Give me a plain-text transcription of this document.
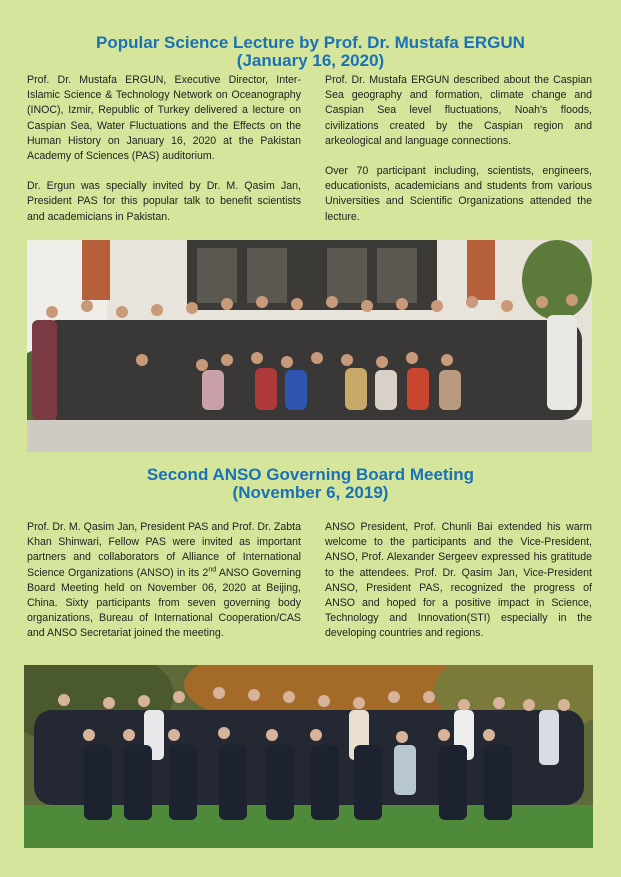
Popular Science Lecture by Prof. Dr. Mustafa ERGUN
(January 16, 2020)

Prof. Dr. Mustafa ERGUN, Executive Director, Inter-Islamic Science & Technology Network on Oceanography (INOC), Izmir, Republic of Turkey delivered a lecture on Caspian Sea, Water Fluctuations and the Effects on the Human History on January 16, 2020 at the Pakistan Academy of Sciences (PAS) auditorium.

Dr. Ergun was specially invited by Dr. M. Qasim Jan, President PAS for this popular talk to benefit scientists and academicians in Pakistan.

Prof. Dr. Mustafa ERGUN described about the Caspian Sea geography and formation, climate change and Caspian Sea level fluctuations, Noah's floods, civilizations created by the Caspian region and arkeological and language connections.

Over 70 participant including, scientists, engineers, educationists, academicians and students from various Universities and Scientific Organizations attended the lecture.

Second ANSO Governing Board Meeting
(November 6, 2019)

Prof. Dr. M. Qasim Jan, President PAS and Prof. Dr. Zabta Khan Shinwari, Fellow PAS were invited as important partners and collaborators of Alliance of International Science Organizations (ANSO) in its 2nd ANSO Governing Board Meeting held on November 06, 2020 at Beijing, China. Sixty participants from seven governing body organizations, Bureau of International Cooperation/CAS and ANSO Secretariat joined the meeting.

ANSO President, Prof. Chunli Bai extended his warm welcome to the participants and the Vice-President, ANSO, Prof. Alexander Sergeev expressed his gratitude to the attendees. Prof. Dr. Qasim Jan, Vice-President ANSO, President PAS, recognized the progress of ANSO and hoped for a positive impact in Science, Technology and Innovation(STI) especially in the developing countries and regions.
